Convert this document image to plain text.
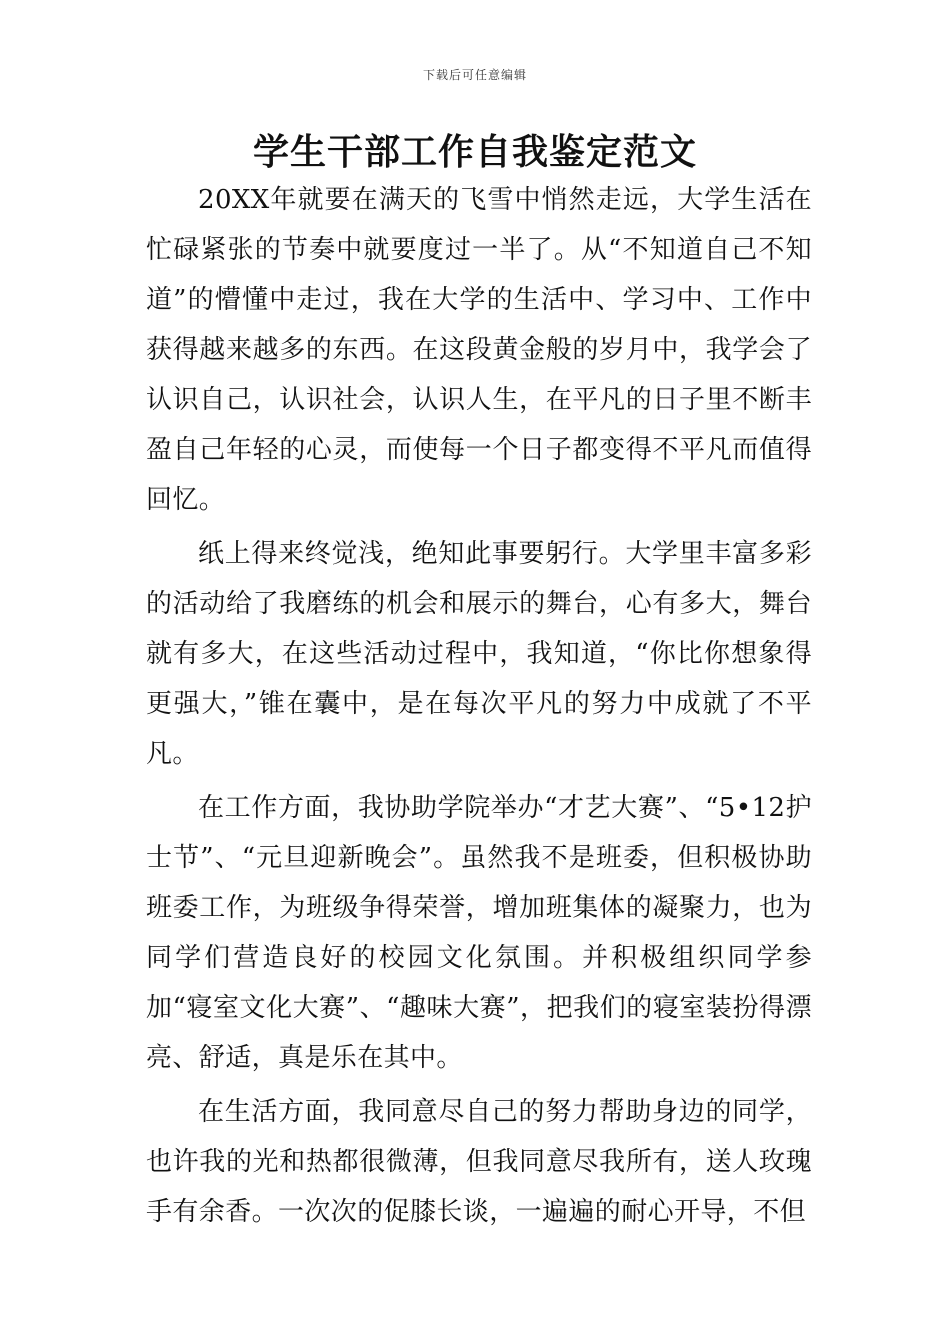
下载后可任意编辑
学生干部工作自我鉴定范文

20XX年就要在满天的飞雪中悄然走远，大学生活在忙碌紧张的节奏中就要度过一半了。从“不知道自己不知道”的懵懂中走过，我在大学的生活中、学习中、工作中获得越来越多的东西。在这段黄金般的岁月中，我学会了认识自己，认识社会，认识人生，在平凡的日子里不断丰盈自己年轻的心灵，而使每一个日子都变得不平凡而值得回忆。

纸上得来终觉浅，绝知此事要躬行。大学里丰富多彩的活动给了我磨练的机会和展示的舞台，心有多大，舞台就有多大，在这些活动过程中，我知道，“你比你想象得更强大，”锥在囊中，是在每次平凡的努力中成就了不平凡。

在工作方面，我协助学院举办“才艺大赛”、“5•12护士节”、“元旦迎新晚会”。虽然我不是班委，但积极协助班委工作，为班级争得荣誉，增加班集体的凝聚力，也为同学们营造良好的校园文化氛围。并积极组织同学参加“寝室文化大赛”、“趣味大赛”，把我们的寝室装扮得漂亮、舒适，真是乐在其中。

在生活方面，我同意尽自己的努力帮助身边的同学，也许我的光和热都很微薄，但我同意尽我所有，送人玫瑰手有余香。一次次的促膝长谈，一遍遍的耐心开导，不但
